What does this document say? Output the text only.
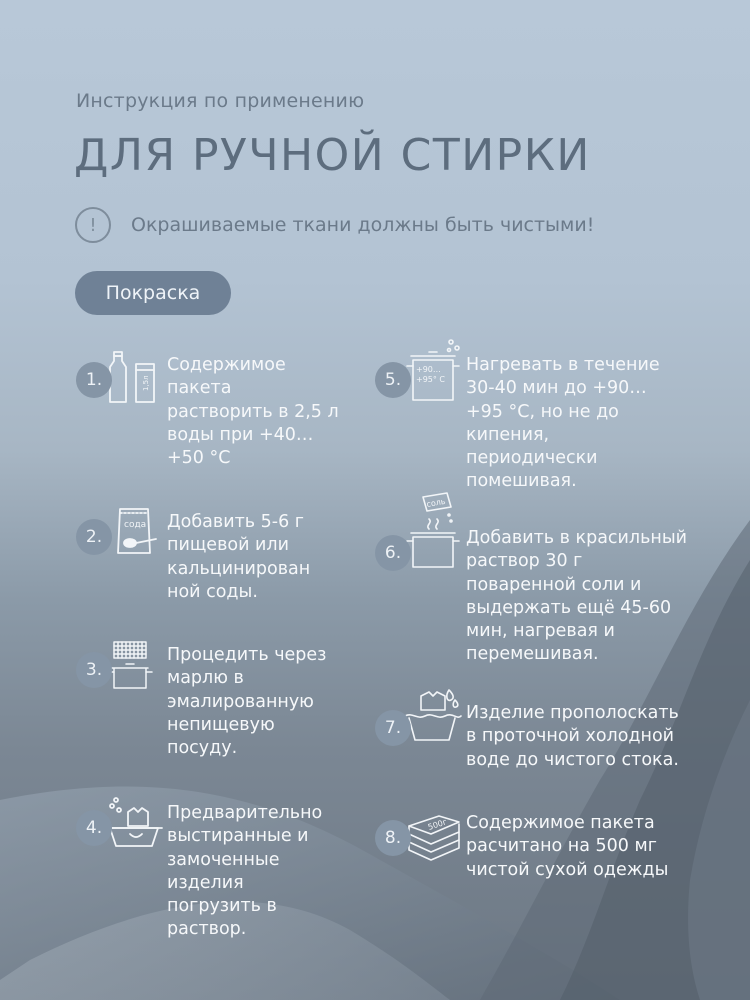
Инструкция по применению
ДЛЯ РУЧНОЙ СТИРКИ
!	Окрашиваемые ткани должны быть чистыми!
Покраска
1,5л
1.
Содержимое
пакета
растворить в 2,5 л
воды при +40…
+50 °С
сода
2.
Добавить 5-6 г
пищевой или
кальцинирован
ной соды.
3.
Процедить через
марлю в
эмалированную
непищевую
посуду.
4.
Предварительно
выстиранные и
замоченные
изделия
погрузить в
раствор.
+90…
+95° С
5.
Нагревать в течение
30-40 мин до +90…
+95 °С, но не до
кипения,
периодически
помешивая.
соль
6.
Добавить в красильный
раствор 30 г
поваренной соли и
выдержать ещё 45-60
мин, нагревая и
перемешивая.
7.
Изделие прополоскать
в проточной холодной
воде до чистого стока.
500г
8.
Содержимое пакета
расчитано на 500 мг
чистой сухой одежды
